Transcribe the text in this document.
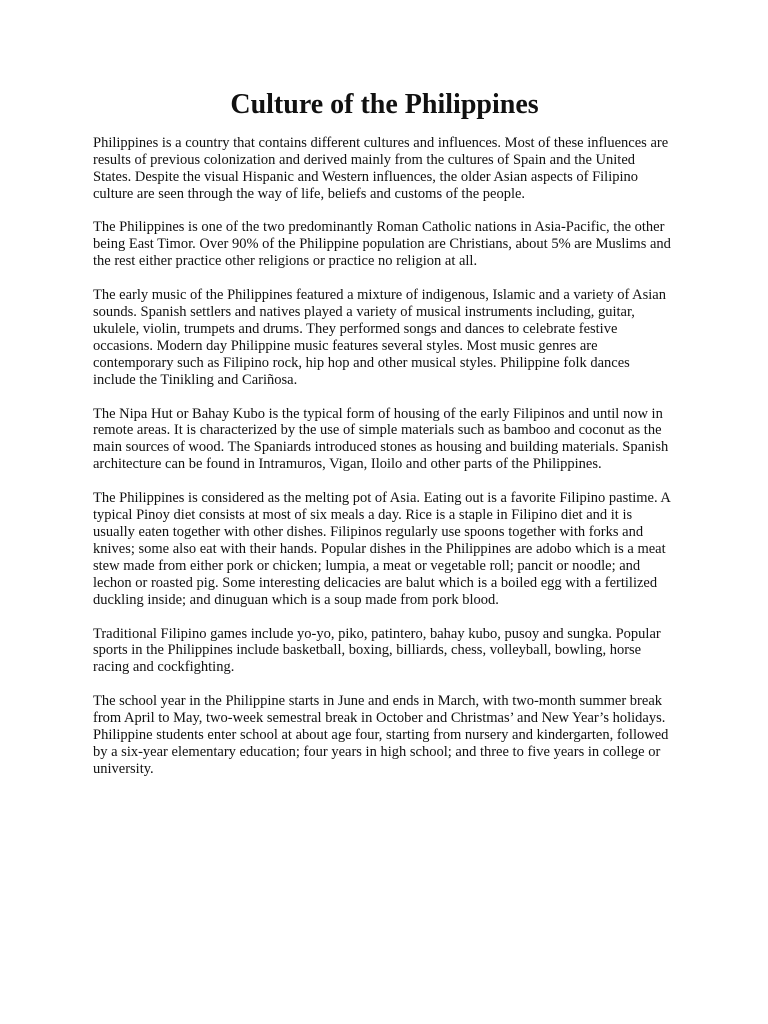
Culture of the Philippines

Philippines is a country that contains different cultures and influences. Most of these influences are results of previous colonization and derived mainly from the cultures of Spain and the United States. Despite the visual Hispanic and Western influences, the older Asian aspects of Filipino culture are seen through the way of life, beliefs and customs of the people.

The Philippines is one of the two predominantly Roman Catholic nations in Asia-Pacific, the other being East Timor. Over 90% of the Philippine population are Christians, about 5% are Muslims and the rest either practice other religions or practice no religion at all.

The early music of the Philippines featured a mixture of indigenous, Islamic and a variety of Asian sounds. Spanish settlers and natives played a variety of musical instruments including, guitar, ukulele, violin, trumpets and drums. They performed songs and dances to celebrate festive occasions. Modern day Philippine music features several styles. Most music genres are contemporary such as Filipino rock, hip hop and other musical styles. Philippine folk dances include the Tinikling and Cariñosa.

The Nipa Hut or Bahay Kubo is the typical form of housing of the early Filipinos and until now in remote areas. It is characterized by the use of simple materials such as bamboo and coconut as the main sources of wood. The Spaniards introduced stones as housing and building materials. Spanish architecture can be found in Intramuros, Vigan, Iloilo and other parts of the Philippines.

The Philippines is considered as the melting pot of Asia. Eating out is a favorite Filipino pastime. A typical Pinoy diet consists at most of six meals a day. Rice is a staple in Filipino diet and it is usually eaten together with other dishes. Filipinos regularly use spoons together with forks and knives; some also eat with their hands. Popular dishes in the Philippines are adobo which is a meat stew made from either pork or chicken; lumpia, a meat or vegetable roll; pancit or noodle; and lechon or roasted pig. Some interesting delicacies are balut which is a boiled egg with a fertilized duckling inside; and dinuguan which is a soup made from pork blood.

Traditional Filipino games include yo-yo, piko, patintero, bahay kubo, pusoy and sungka. Popular sports in the Philippines include basketball, boxing, billiards, chess, volleyball, bowling, horse racing and cockfighting.

The school year in the Philippine starts in June and ends in March, with two-month summer break from April to May, two-week semestral break in October and Christmas’ and New Year’s holidays. Philippine students enter school at about age four, starting from nursery and kindergarten, followed by a six-year elementary education; four years in high school; and three to five years in college or university.
